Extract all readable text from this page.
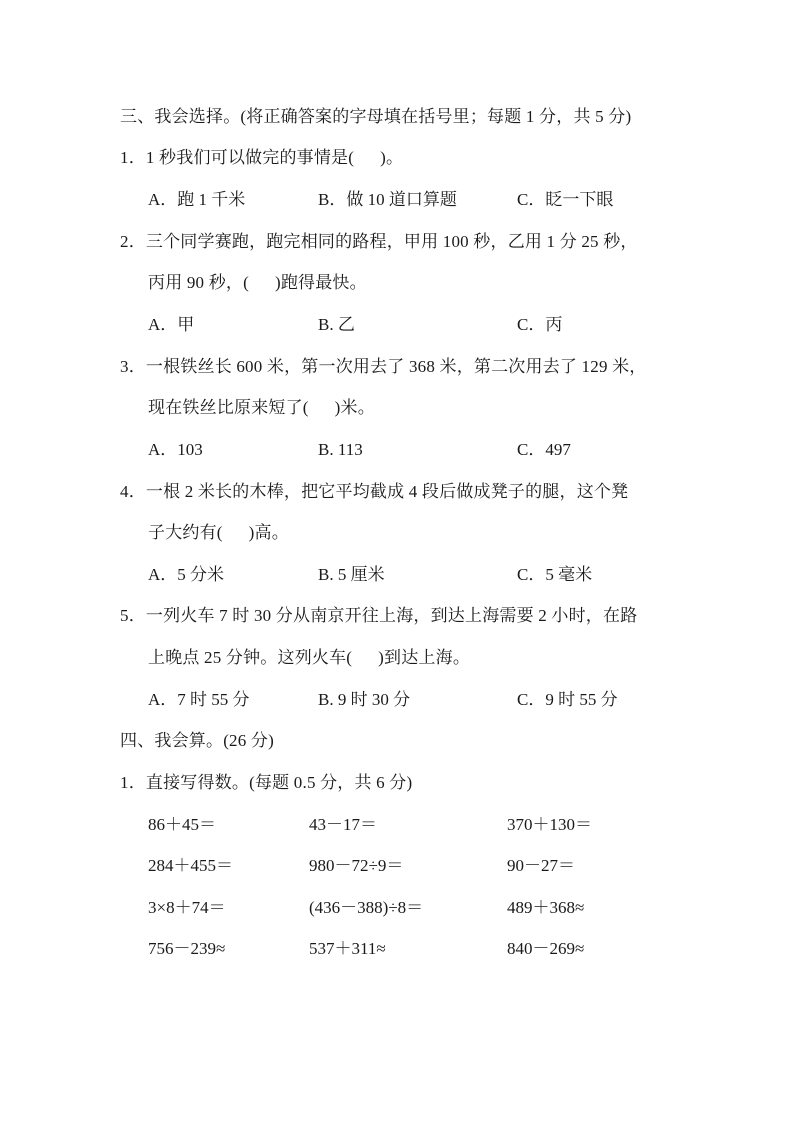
三、我会选择。(将正确答案的字母填在括号里；每题 1 分，共 5 分)
1．1 秒我们可以做完的事情是( )。
A．跑 1 千米	B．做 10 道口算题	C．眨一下眼
2．三个同学赛跑，跑完相同的路程，甲用 100 秒，乙用 1 分 25 秒，
丙用 90 秒，( )跑得最快。
A．甲	B. 乙	C．丙
3．一根铁丝长 600 米，第一次用去了 368 米，第二次用去了 129 米，
现在铁丝比原来短了( )米。
A．103	B. 113	C．497
4．一根 2 米长的木棒，把它平均截成 4 段后做成凳子的腿，这个凳
子大约有( )高。
A．5 分米	B. 5 厘米	C．5 毫米
5．一列火车 7 时 30 分从南京开往上海，到达上海需要 2 小时，在路
上晚点 25 分钟。这列火车( )到达上海。
A．7 时 55 分	B. 9 时 30 分	C．9 时 55 分
四、我会算。(26 分)
1．直接写得数。(每题 0.5 分，共 6 分)
86＋45＝	43－17＝	370＋130＝
284＋455＝	980－72÷9＝	90－27＝
3×8＋74＝	(436－388)÷8＝	489＋368≈
756－239≈	537＋311≈	840－269≈
